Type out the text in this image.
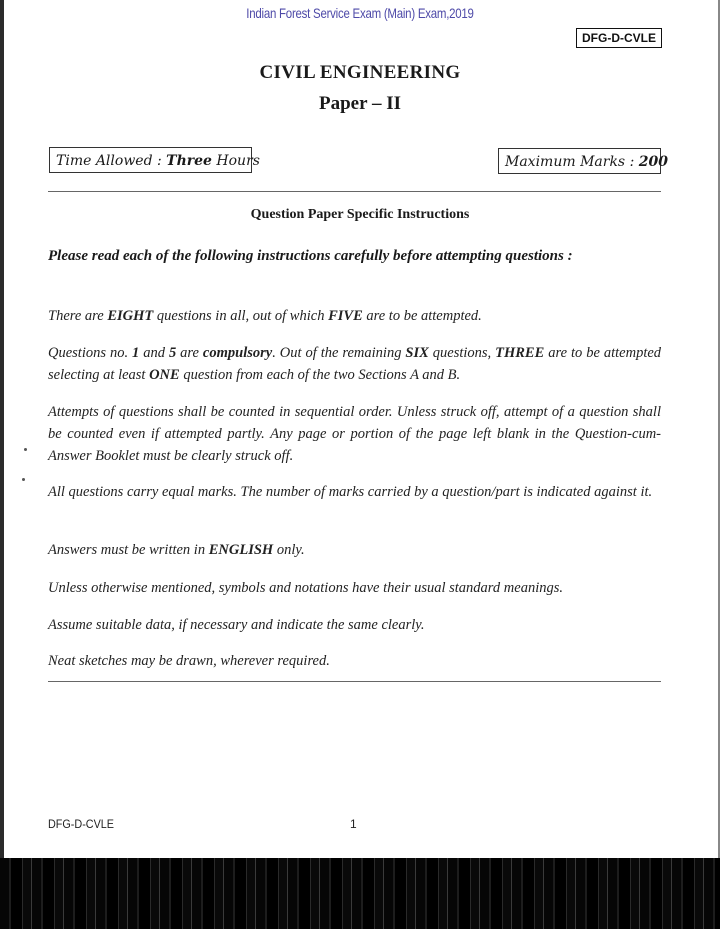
Indian Forest Service Exam (Main) Exam,2019
DFG-D-CVLE
CIVIL ENGINEERING
Paper – II
Time Allowed : Three Hours	Maximum Marks : 200
Question Paper Specific Instructions
Please read each of the following instructions carefully before attempting questions :
There are EIGHT questions in all, out of which FIVE are to be attempted.
Questions no. 1 and 5 are compulsory. Out of the remaining SIX questions, THREE are to be attempted selecting at least ONE question from each of the two Sections A and B.
Attempts of questions shall be counted in sequential order. Unless struck off, attempt of a question shall be counted even if attempted partly. Any page or portion of the page left blank in the Question-cum-Answer Booklet must be clearly struck off.
All questions carry equal marks. The number of marks carried by a question/part is indicated against it.
Answers must be written in ENGLISH only.
Unless otherwise mentioned, symbols and notations have their usual standard meanings.
Assume suitable data, if necessary and indicate the same clearly.
Neat sketches may be drawn, wherever required.
DFG-D-CVLE	1
